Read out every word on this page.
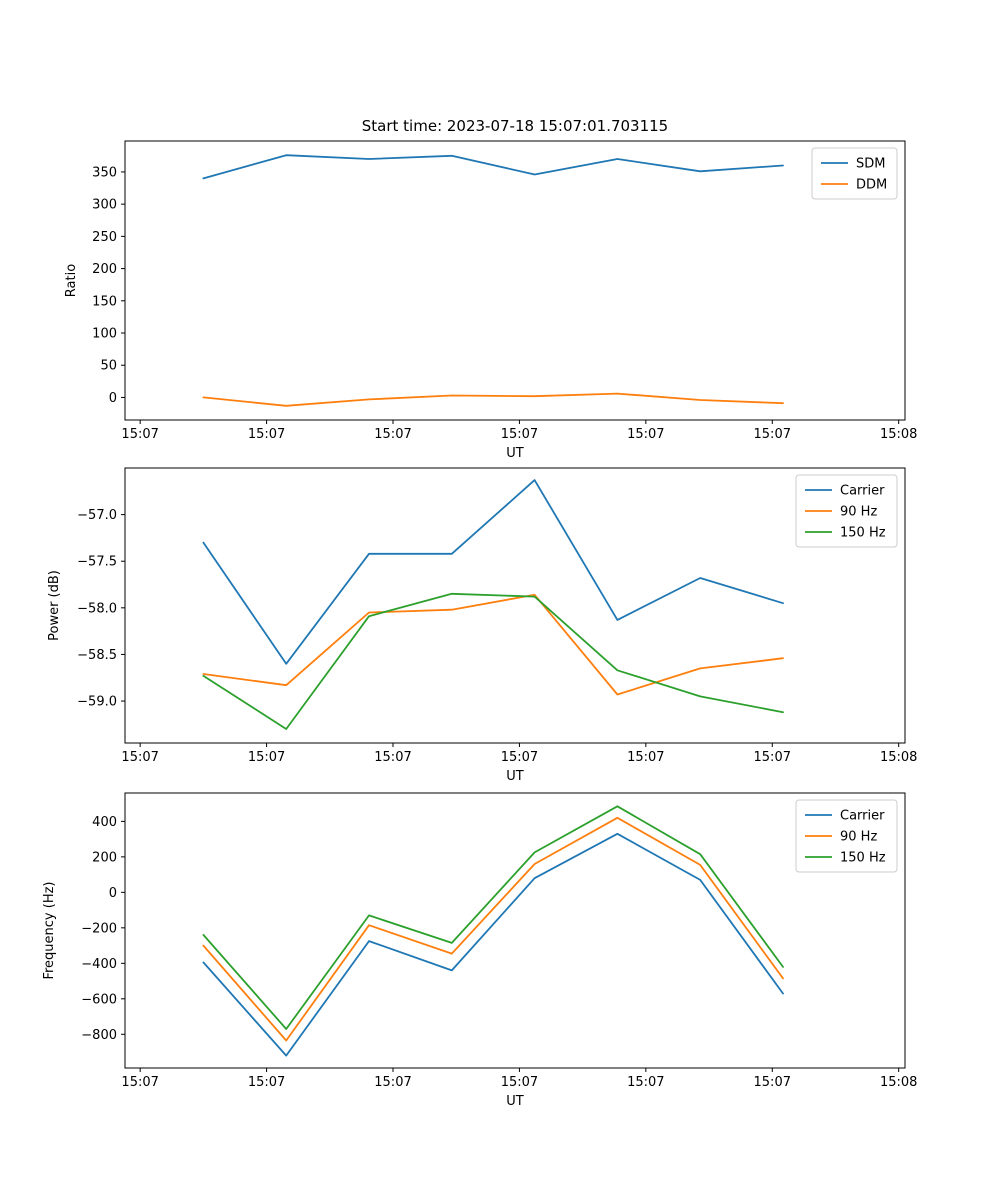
Start time: 2023-07-18 15:07:01.703115
15:07	15:07	15:07	15:07	15:07	15:07	15:08
0
50
100
150
200
250
300
350
UT
Ratio
SDM
DDM
15:07	15:07	15:07	15:07	15:07	15:07	15:08
−59.0
−58.5
−58.0
−57.5
−57.0
UT
Power (dB)
Carrier
90 Hz
150 Hz
15:07	15:07	15:07	15:07	15:07	15:07	15:08
−800
−600
−400
−200
0
200
400
UT
Frequency (Hz)
Carrier
90 Hz
150 Hz
